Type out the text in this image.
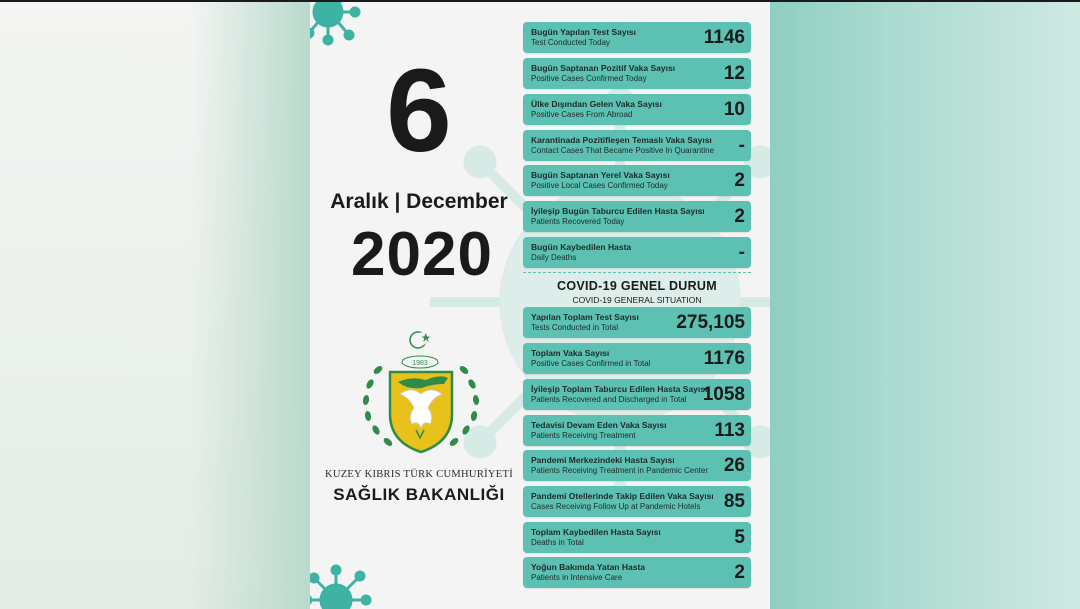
6
Aralık | December
2020
1983
KUZEY KIBRIS TÜRK CUMHURİYETİ
SAĞLIK BAKANLIĞI
Bugün Yapılan Test Sayısı
Test Conducted Today	1146
Bugün Saptanan Pozitif Vaka Sayısı
Positive Cases Confirmed Today	12
Ülke Dışından Gelen Vaka Sayısı
Positive Cases From Abroad	10
Karantinada Pozitifleşen Temaslı Vaka Sayısı
Contact Cases That Became Positive In Quarantine -
Bugün Saptanan Yerel Vaka Sayısı
Positive Local Cases Confirmed Today	2
İyileşip Bugün Taburcu Edilen Hasta Sayısı
Patients Recovered Today	2
Bugün Kaybedilen Hasta
Daily Deaths	-
COVID-19 GENEL DURUM
COVID-19 GENERAL SITUATION
Yapılan Toplam Test Sayısı
Tests Conducted in Total	275,105
Toplam Vaka Sayısı
Positive Cases Confirmed in Total	1176
İyileşip Toplam Taburcu Edilen Hasta Sayısı
Patients Recovered and Discharged in Total 1058
Tedavisi Devam Eden Vaka Sayısı
Patients Receiving Treatment	113
Pandemi Merkezindeki Hasta Sayısı
Patients Receiving Treatment in Pandemic Center 26
Pandemi Otellerinde Takip Edilen Vaka Sayısı
Cases Receiving Follow Up at Pandemic Hotels 85
Toplam Kaybedilen Hasta Sayısı
Deaths in Total	5
Yoğun Bakımda Yatan Hasta
Patients in Intensive Care	2
